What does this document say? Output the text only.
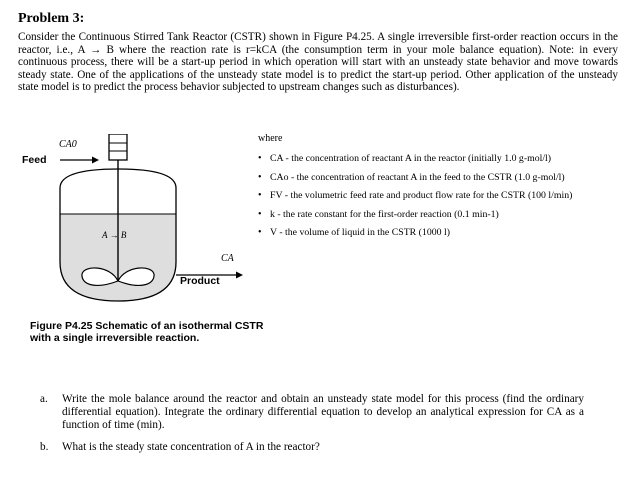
Problem 3:
Consider the Continuous Stirred Tank Reactor (CSTR) shown in Figure P4.25. A single irreversible first-order reaction occurs in the reactor, i.e., A → B where the reaction rate is r=kCA (the consumption term in your mole balance equation). Note: in every continuous process, there will be a start-up period in which operation will start with an unsteady state behavior and move towards steady state. One of the applications of the unsteady state model is to predict the start-up period. Other application of the unsteady state model is to predict the process behavior subjected to upstream changes such as disturbances).
Feed
CA0
A → B
CA
Product
Figure P4.25 Schematic of an isothermal CSTR with a single irreversible reaction.
where
• CA - the concentration of reactant A in the reactor (initially 1.0 g-mol/l)
• CAo - the concentration of reactant A in the feed to the CSTR (1.0 g-mol/l)
• FV - the volumetric feed rate and product flow rate for the CSTR (100 l/min)
• k - the rate constant for the first-order reaction (0.1 min-1)
• V - the volume of liquid in the CSTR (1000 l)
a. Write the mole balance around the reactor and obtain an unsteady state model for this process (find the ordinary differential equation). Integrate the ordinary differential equation to develop an analytical expression for CA as a function of time (min).
b. What is the steady state concentration of A in the reactor?
